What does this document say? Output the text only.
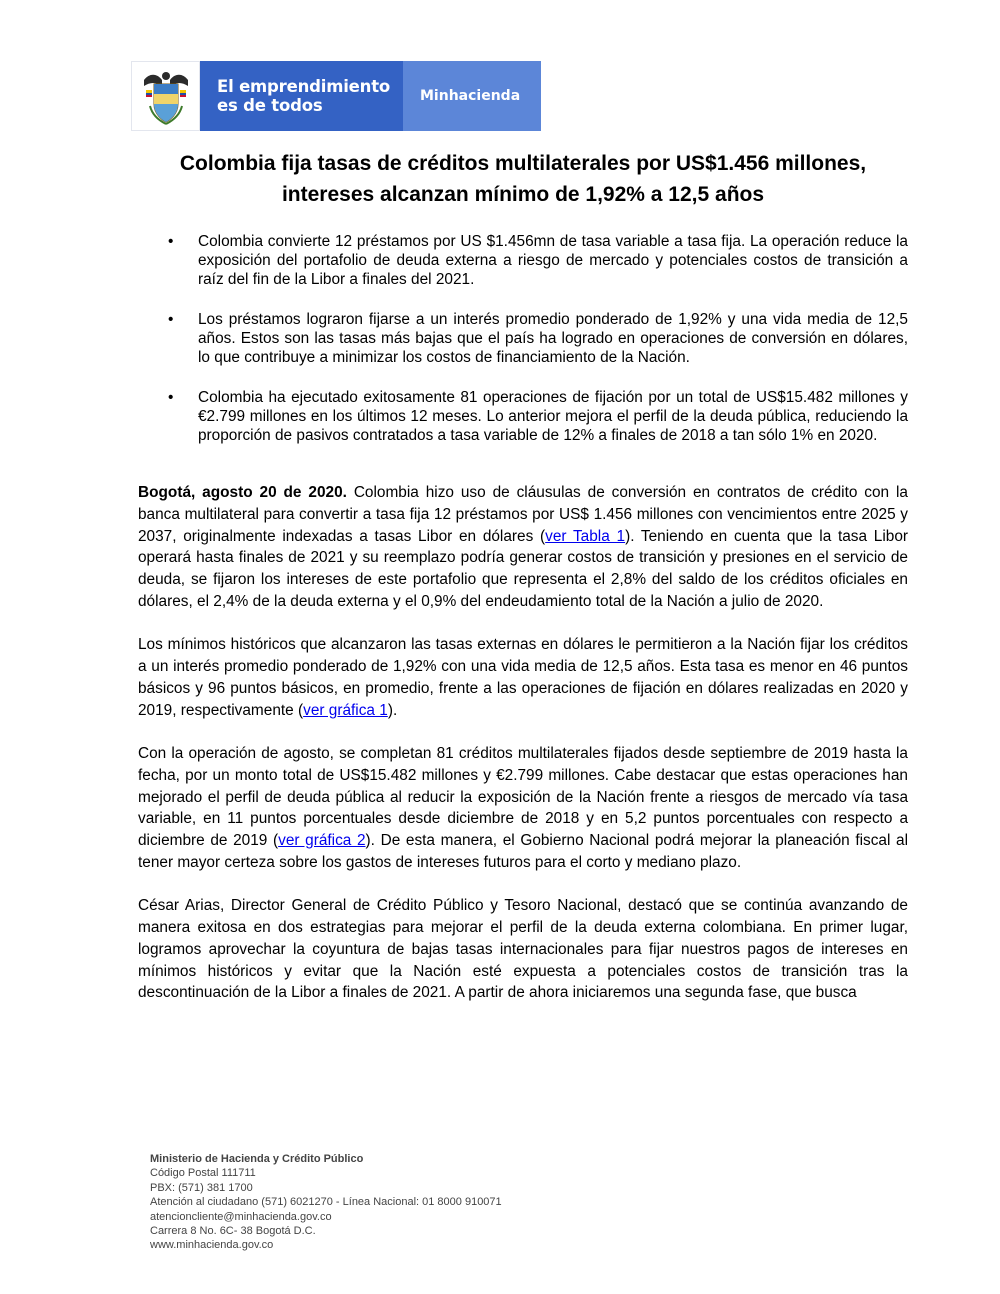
El emprendimiento
es de todos	Minhacienda
Colombia fija tasas de créditos multilaterales por US$1.456 millones,
intereses alcanzan mínimo de 1,92% a 12,5 años
• Colombia convierte 12 préstamos por US $1.456mn de tasa variable a tasa fija. La operación reduce la exposición del portafolio de deuda externa a riesgo de mercado y potenciales costos de transición a raíz del fin de la Libor a finales del 2021.
• Los préstamos lograron fijarse a un interés promedio ponderado de 1,92% y una vida media de 12,5 años. Estos son las tasas más bajas que el país ha logrado en operaciones de conversión en dólares, lo que contribuye a minimizar los costos de financiamiento de la Nación.
• Colombia ha ejecutado exitosamente 81 operaciones de fijación por un total de US$15.482 millones y €2.799 millones en los últimos 12 meses. Lo anterior mejora el perfil de la deuda pública, reduciendo la proporción de pasivos contratados a tasa variable de 12% a finales de 2018 a tan sólo 1% en 2020.

Bogotá, agosto 20 de 2020. Colombia hizo uso de cláusulas de conversión en contratos de crédito con la banca multilateral para convertir a tasa fija 12 préstamos por US$ 1.456 millones con vencimientos entre 2025 y 2037, originalmente indexadas a tasas Libor en dólares (ver Tabla 1). Teniendo en cuenta que la tasa Libor operará hasta finales de 2021 y su reemplazo podría generar costos de transición y presiones en el servicio de deuda, se fijaron los intereses de este portafolio que representa el 2,8% del saldo de los créditos oficiales en dólares, el 2,4% de la deuda externa y el 0,9% del endeudamiento total de la Nación a julio de 2020.

Los mínimos históricos que alcanzaron las tasas externas en dólares le permitieron a la Nación fijar los créditos a un interés promedio ponderado de 1,92% con una vida media de 12,5 años. Esta tasa es menor en 46 puntos básicos y 96 puntos básicos, en promedio, frente a las operaciones de fijación en dólares realizadas en 2020 y 2019, respectivamente (ver gráfica 1).

Con la operación de agosto, se completan 81 créditos multilaterales fijados desde septiembre de 2019 hasta la fecha, por un monto total de US$15.482 millones y €2.799 millones. Cabe destacar que estas operaciones han mejorado el perfil de deuda pública al reducir la exposición de la Nación frente a riesgos de mercado vía tasa variable, en 11 puntos porcentuales desde diciembre de 2018 y en 5,2 puntos porcentuales con respecto a diciembre de 2019 (ver gráfica 2). De esta manera, el Gobierno Nacional podrá mejorar la planeación fiscal al tener mayor certeza sobre los gastos de intereses futuros para el corto y mediano plazo.

César Arias, Director General de Crédito Público y Tesoro Nacional, destacó que se continúa avanzando de manera exitosa en dos estrategias para mejorar el perfil de la deuda externa colombiana. En primer lugar, logramos aprovechar la coyuntura de bajas tasas internacionales para fijar nuestros pagos de intereses en mínimos históricos y evitar que la Nación esté expuesta a potenciales costos de transición tras la descontinuación de la Libor a finales de 2021. A partir de ahora iniciaremos una segunda fase, que busca

Ministerio de Hacienda y Crédito Público
Código Postal 111711
PBX: (571) 381 1700
Atención al ciudadano (571) 6021270 - Línea Nacional: 01 8000 910071
atencioncliente@minhacienda.gov.co
Carrera 8 No. 6C- 38 Bogotá D.C.
www.minhacienda.gov.co
